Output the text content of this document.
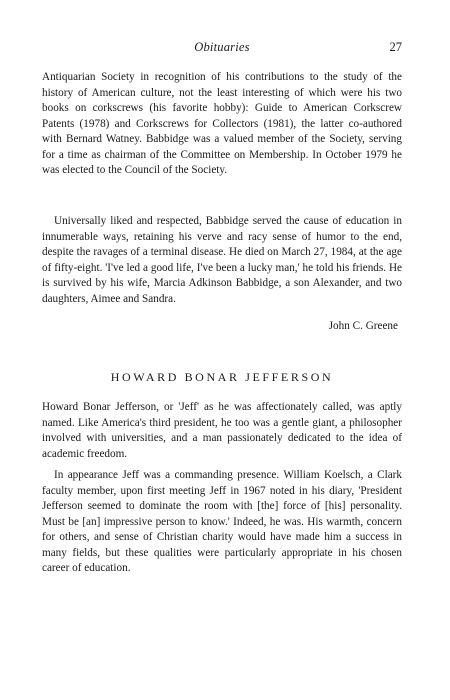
Obituaries	27

Antiquarian Society in recognition of his contributions to the study of the history of American culture, not the least interesting of which were his two books on corkscrews (his favorite hobby): Guide to American Corkscrew Patents (1978) and Corkscrews for Collectors (1981), the latter co-authored with Bernard Watney. Babbidge was a valued member of the Society, serving for a time as chairman of the Committee on Membership. In October 1979 he was elected to the Council of the Society.

Universally liked and respected, Babbidge served the cause of education in innumerable ways, retaining his verve and racy sense of humor to the end, despite the ravages of a terminal disease. He died on March 27, 1984, at the age of fifty-eight. 'I've led a good life, I've been a lucky man,' he told his friends. He is survived by his wife, Marcia Adkinson Babbidge, a son Alexander, and two daughters, Aimee and Sandra.

John C. Greene
HOWARD BONAR JEFFERSON

Howard Bonar Jefferson, or 'Jeff' as he was affectionately called, was aptly named. Like America's third president, he too was a gentle giant, a philosopher involved with universities, and a man passionately dedicated to the idea of academic freedom.

In appearance Jeff was a commanding presence. William Koelsch, a Clark faculty member, upon first meeting Jeff in 1967 noted in his diary, 'President Jefferson seemed to dominate the room with [the] force of [his] personality. Must be [an] impressive person to know.' Indeed, he was. His warmth, concern for others, and sense of Christian charity would have made him a success in many fields, but these qualities were particularly appropriate in his chosen career of education.
